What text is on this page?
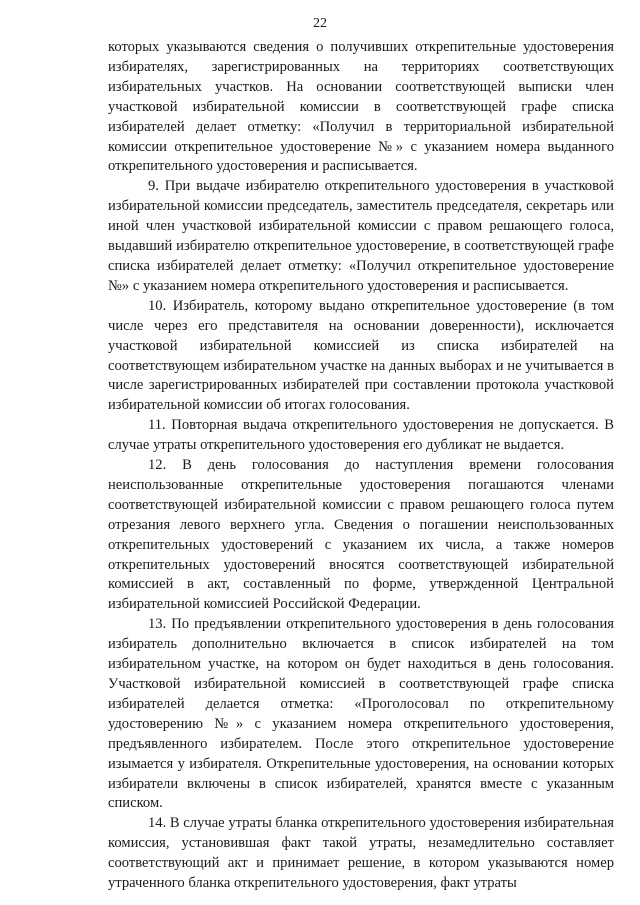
22

которых указываются сведения о получивших открепительные удостоверения избирателях, зарегистрированных на территориях соответствующих избирательных участков. На основании соответствующей выписки член участковой избирательной комиссии в соответствующей графе списка избирателей делает отметку: «Получил в территориальной избирательной комиссии открепительное удостоверение №» с указанием номера выданного открепительного удостоверения и расписывается.

9. При выдаче избирателю открепительного удостоверения в участковой избирательной комиссии председатель, заместитель председателя, секретарь или иной член участковой избирательной комиссии с правом решающего голоса, выдавший избирателю открепительное удостоверение, в соответствующей графе списка избирателей делает отметку: «Получил открепительное удостоверение №» с указанием номера открепительного удостоверения и расписывается.

10. Избиратель, которому выдано открепительное удостоверение (в том числе через его представителя на основании доверенности), исключается участковой избирательной комиссией из списка избирателей на соответствующем избирательном участке на данных выборах и не учитывается в числе зарегистрированных избирателей при составлении протокола участковой избирательной комиссии об итогах голосования.

11. Повторная выдача открепительного удостоверения не допускается. В случае утраты открепительного удостоверения его дубликат не выдается.

12. В день голосования до наступления времени голосования неиспользованные открепительные удостоверения погашаются членами соответствующей избирательной комиссии с правом решающего голоса путем отрезания левого верхнего угла. Сведения о погашении неиспользованных открепительных удостоверений с указанием их числа, а также номеров открепительных удостоверений вносятся соответствующей избирательной комиссией в акт, составленный по форме, утвержденной Центральной избирательной комиссией Российской Федерации.

13. По предъявлении открепительного удостоверения в день голосования избиратель дополнительно включается в список избирателей на том избирательном участке, на котором он будет находиться в день голосования. Участковой избирательной комиссией в соответствующей графе списка избирателей делается отметка: «Проголосовал по открепительному удостоверению №» с указанием номера открепительного удостоверения, предъявленного избирателем. После этого открепительное удостоверение изымается у избирателя. Открепительные удостоверения, на основании которых избиратели включены в список избирателей, хранятся вместе с указанным списком.

14. В случае утраты бланка открепительного удостоверения избирательная комиссия, установившая факт такой утраты, незамедлительно составляет соответствующий акт и принимает решение, в котором указываются номер утраченного бланка открепительного удостоверения, факт утраты
